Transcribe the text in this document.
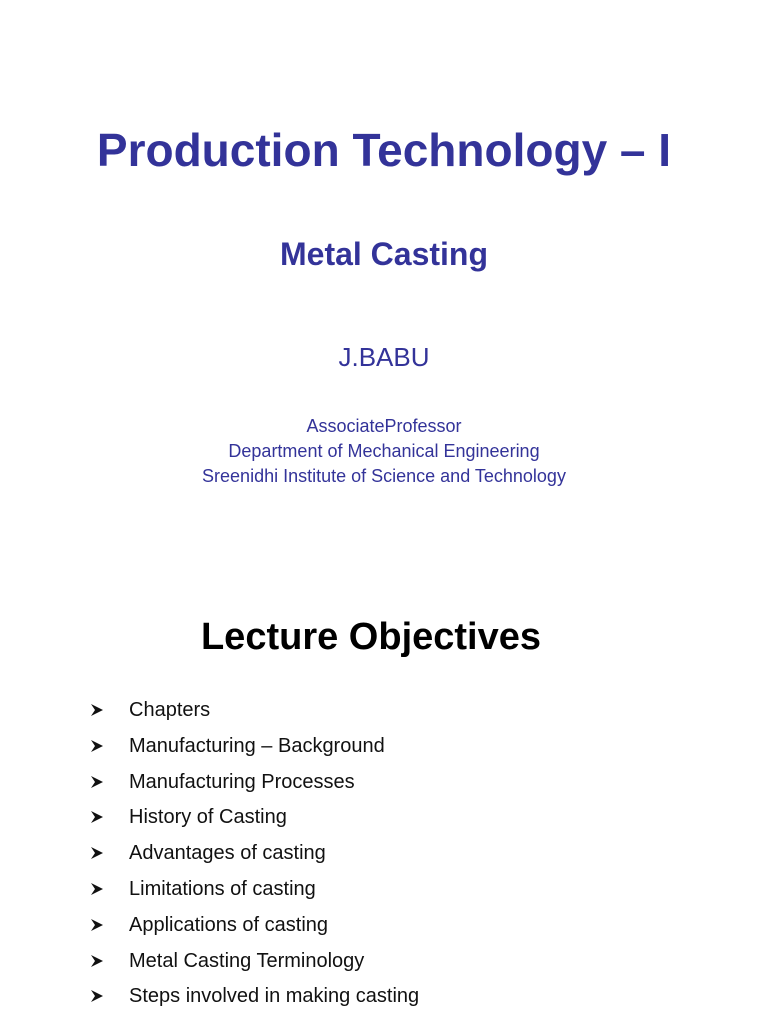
Production Technology – I
Metal Casting
J.BABU
AssociateProfessor
Department of Mechanical Engineering
Sreenidhi Institute of Science and Technology
Lecture Objectives
Chapters
Manufacturing – Background
Manufacturing Processes
History of Casting
Advantages of casting
Limitations of casting
Applications of casting
Metal Casting Terminology
Steps involved in making casting
